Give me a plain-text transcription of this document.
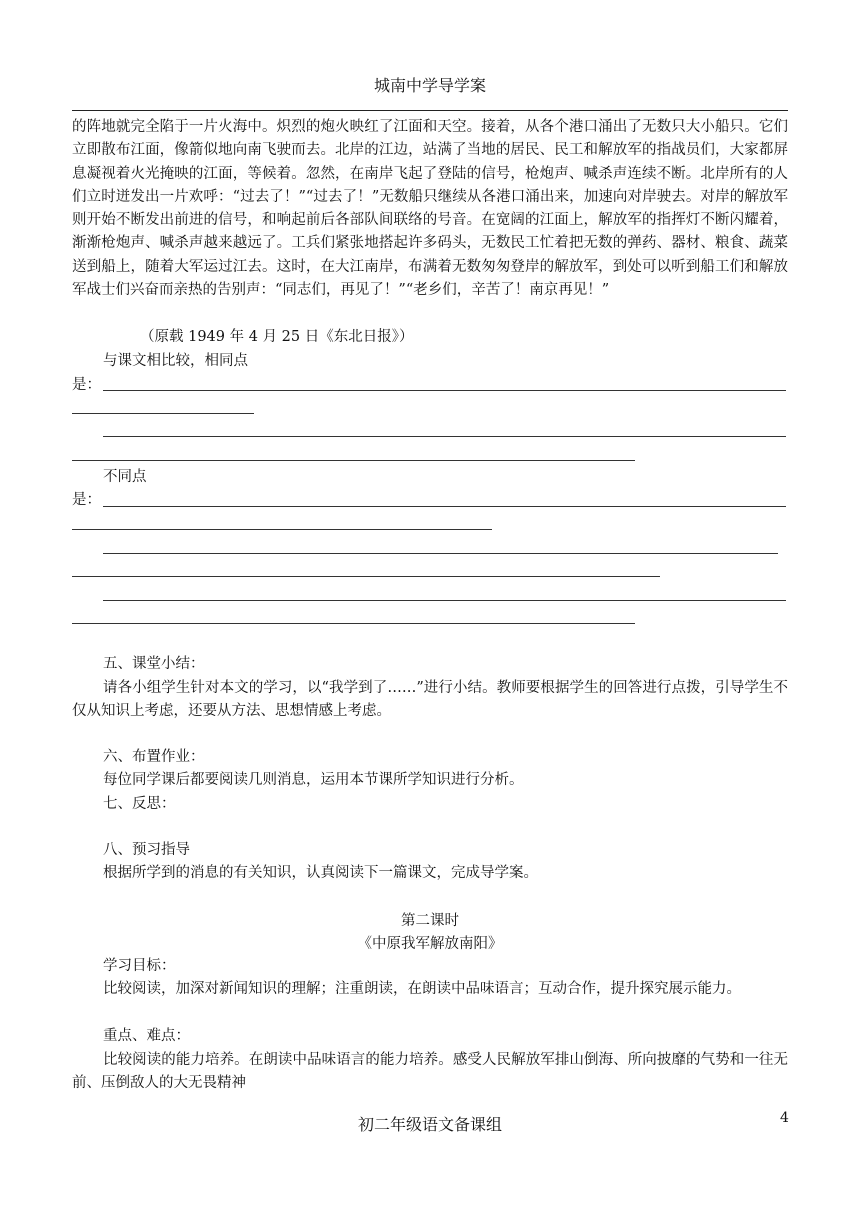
城南中学导学案
的阵地就完全陷于一片火海中。炽烈的炮火映红了江面和天空。接着，从各个港口涌出了无数只大小船只。它们立即散布江面，像箭似地向南飞驶而去。北岸的江边，站满了当地的居民、民工和解放军的指战员们，大家都屏息凝视着火光掩映的江面，等候着。忽然，在南岸飞起了登陆的信号，枪炮声、喊杀声连续不断。北岸所有的人们立时迸发出一片欢呼：“过去了！”“过去了！”无数船只继续从各港口涌出来，加速向对岸驶去。对岸的解放军则开始不断发出前进的信号，和响起前后各部队间联络的号音。在宽阔的江面上，解放军的指挥灯不断闪耀着，渐渐枪炮声、喊杀声越来越远了。工兵们紧张地搭起许多码头，无数民工忙着把无数的弹药、器材、粮食、蔬菜送到船上，随着大军运过江去。这时，在大江南岸，布满着无数匆匆登岸的解放军，到处可以听到船工们和解放军战士们兴奋而亲热的告别声：“同志们，再见了！”“老乡们，辛苦了！南京再见！”
（原载 1949 年 4 月 25 日《东北日报》）
与课文相比较，相同点
是：
不同点
是：
五、课堂小结：
请各小组学生针对本文的学习，以“我学到了……”进行小结。教师要根据学生的回答进行点拨，引导学生不仅从知识上考虑，还要从方法、思想情感上考虑。
六、布置作业：
每位同学课后都要阅读几则消息，运用本节课所学知识进行分析。
七、反思：
八、预习指导
根据所学到的消息的有关知识，认真阅读下一篇课文，完成导学案。
第二课时
《中原我军解放南阳》
学习目标：
比较阅读，加深对新闻知识的理解；注重朗读，在朗读中品味语言；互动合作，提升探究展示能力。
重点、难点：
比较阅读的能力培养。在朗读中品味语言的能力培养。感受人民解放军排山倒海、所向披靡的气势和一往无前、压倒敌人的大无畏精神
初二年级语文备课组	4
